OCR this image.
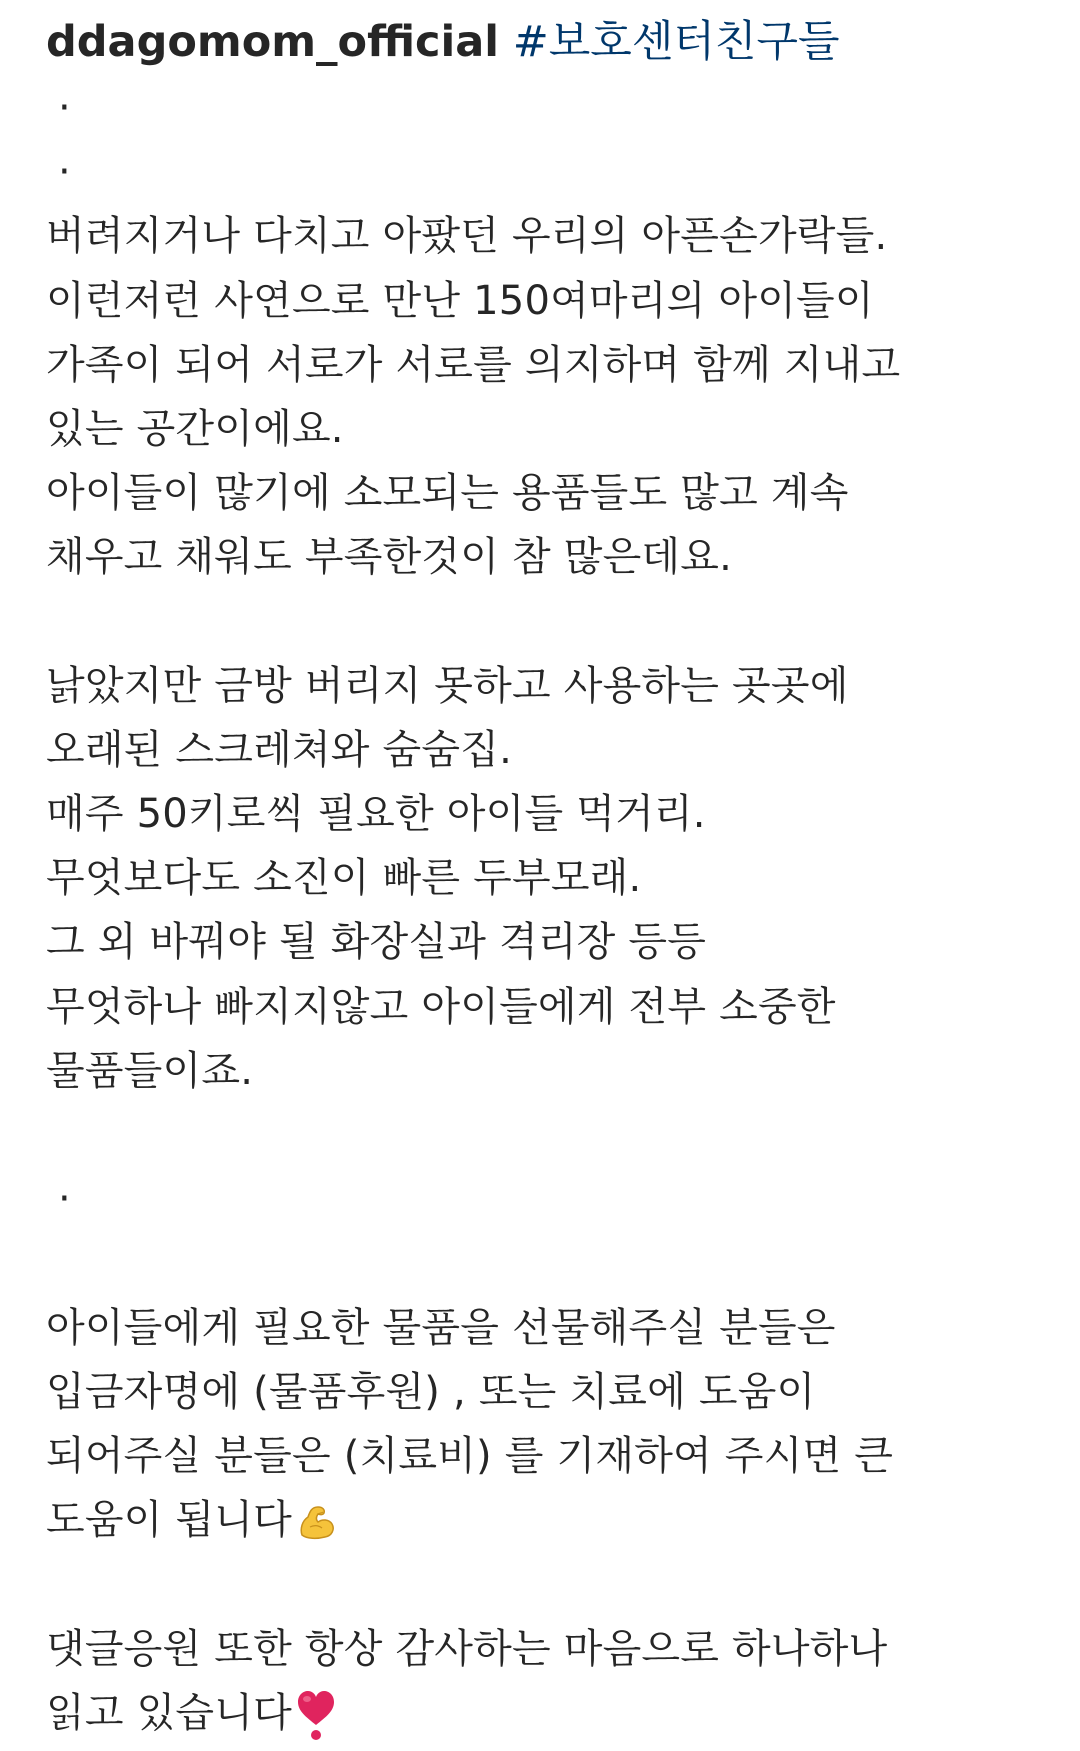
ddagomom_official #보호센터친구들
·
·
버려지거나 다치고 아팠던 우리의 아픈손가락들.
이런저런 사연으로 만난 150여마리의 아이들이
가족이 되어 서로가 서로를 의지하며 함께 지내고
있는 공간이에요.
아이들이 많기에 소모되는 용품들도 많고 계속
채우고 채워도 부족한것이 참 많은데요.
낡았지만 금방 버리지 못하고 사용하는 곳곳에
오래된 스크레쳐와 숨숨집.
매주 50키로씩 필요한 아이들 먹거리.
무엇보다도 소진이 빠른 두부모래.
그 외 바꿔야 될 화장실과 격리장 등등
무엇하나 빠지지않고 아이들에게 전부 소중한
물품들이죠.
·
아이들에게 필요한 물품을 선물해주실 분들은
입금자명에 (물품후원) , 또는 치료에 도움이
되어주실 분들은 (치료비) 를 기재하여 주시면 큰
도움이 됩니다
댓글응원 또한 항상 감사하는 마음으로 하나하나
읽고 있습니다
